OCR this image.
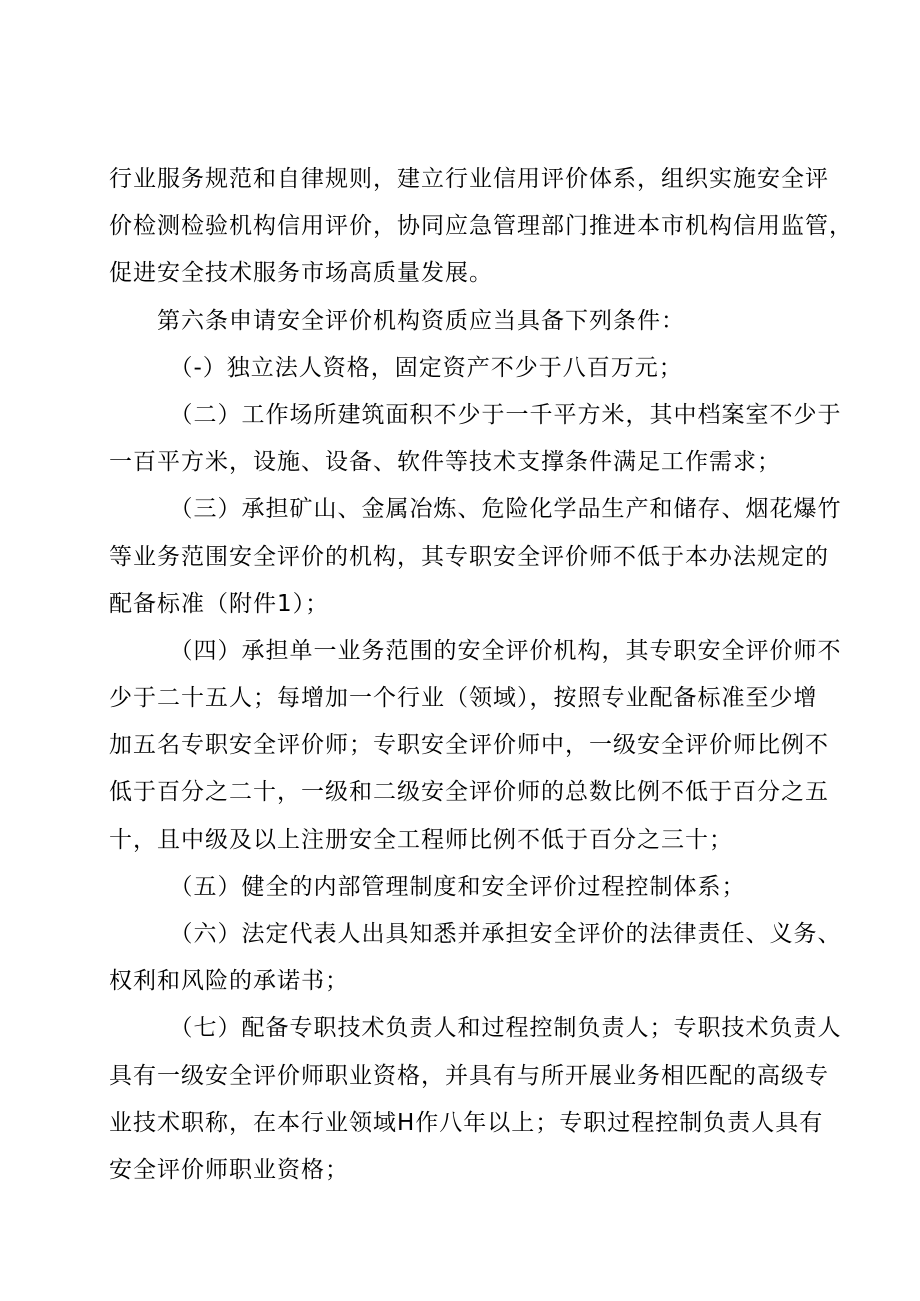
行业服务规范和自律规则，建立行业信用评价体系，组织实施安全评
价检测检验机构信用评价，协同应急管理部门推进本市机构信用监管，
促进安全技术服务市场高质量发展。
　　第六条申请安全评价机构资质应当具备下列条件：
　　　（-）独立法人资格，固定资产不少于八百万元；
　　　（二）工作场所建筑面积不少于一千平方米，其中档案室不少于
一百平方米，设施、设备、软件等技术支撑条件满足工作需求；
　　　（三）承担矿山、金属冶炼、危险化学品生产和储存、烟花爆竹
等业务范围安全评价的机构，其专职安全评价师不低于本办法规定的
配备标准（附件1）；
　　　（四）承担单一业务范围的安全评价机构，其专职安全评价师不
少于二十五人；每增加一个行业（领域），按照专业配备标准至少增
加五名专职安全评价师；专职安全评价师中，一级安全评价师比例不
低于百分之二十，一级和二级安全评价师的总数比例不低于百分之五
十，且中级及以上注册安全工程师比例不低于百分之三十；
　　　（五）健全的内部管理制度和安全评价过程控制体系；
　　　（六）法定代表人出具知悉并承担安全评价的法律责任、义务、
权利和风险的承诺书；
　　　（七）配备专职技术负责人和过程控制负责人；专职技术负责人
具有一级安全评价师职业资格，并具有与所开展业务相匹配的高级专
业技术职称，在本行业领域H作八年以上；专职过程控制负责人具有
安全评价师职业资格；
